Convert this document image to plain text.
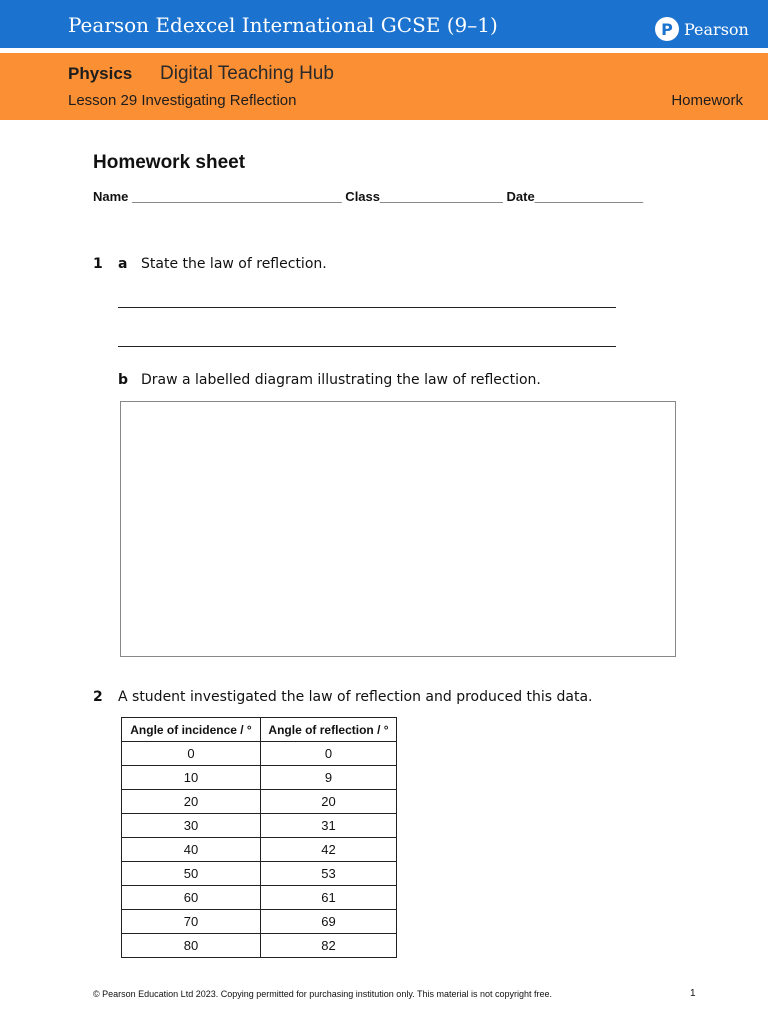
Pearson Edexcel International GCSE (9–1)	P Pearson
Physics Digital Teaching Hub
Lesson 29 Investigating Reflection	Homework
Homework sheet
Name _____________________________ Class_________________ Date_______________
1 a State the law of reflection.
b Draw a labelled diagram illustrating the law of reflection.
2 A student investigated the law of reflection and produced this data.
Angle of incidence / °	Angle of reflection / °
0	0
10	9
20	20
30	31
40	42
50	53
60	61
70	69
80	82
© Pearson Education Ltd 2023. Copying permitted for purchasing institution only. This material is not copyright free.	1
